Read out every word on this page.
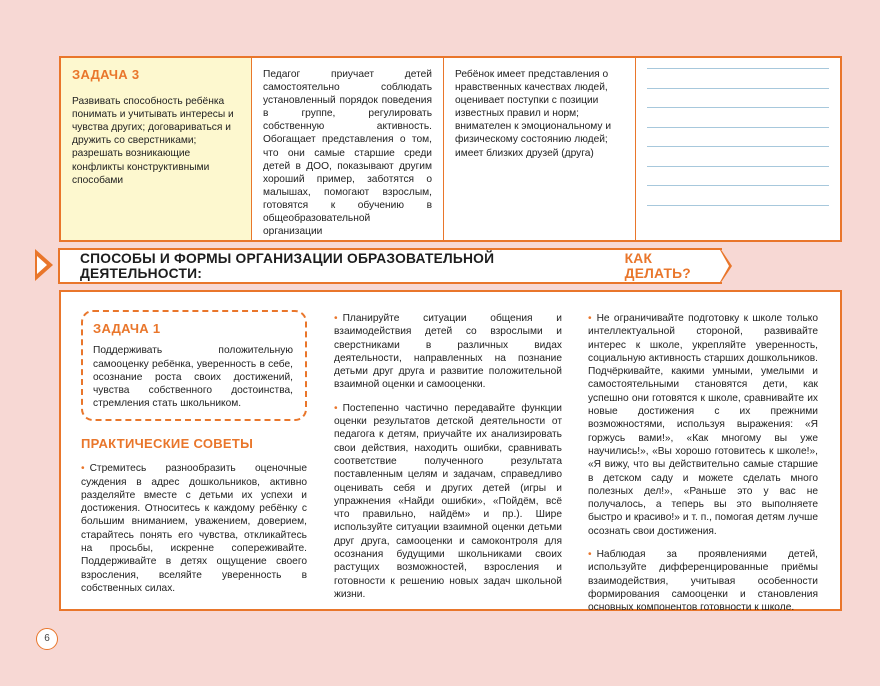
ЗАДАЧА 3
Развивать способность ребёнка понимать и учитывать интересы и чувства других; договариваться и дружить со сверстниками; разрешать возникающие конфликты конструктивными способами
Педагог приучает детей самостоятельно соблюдать установленный порядок поведения в группе, регулировать собственную активность. Обогащает представления о том, что они самые старшие среди детей в ДОО, показывают другим хороший пример, заботятся о малышах, помогают взрослым, готовятся к обучению в общеобразовательной организации
Ребёнок имеет представления о нравственных качествах людей, оценивает поступки с позиции известных правил и норм; внимателен к эмоциональному и физическому состоянию людей; имеет близких друзей (друга)
СПОСОБЫ И ФОРМЫ ОРГАНИЗАЦИИ ОБРАЗОВАТЕЛЬНОЙ ДЕЯТЕЛЬНОСТИ:
КАК ДЕЛАТЬ?
ЗАДАЧА 1
Поддерживать положительную самооценку ребёнка, уверенность в себе, осознание роста своих достижений, чувства собственного достоинства, стремления стать школьником.
ПРАКТИЧЕСКИЕ СОВЕТЫ
• Стремитесь разнообразить оценочные суждения в адрес дошкольников, активно разделяйте вместе с детьми их успехи и достижения. Относитесь к каждому ребёнку с большим вниманием, уважением, доверием, старайтесь понять его чувства, откликайтесь на просьбы, искренне сопереживайте. Поддерживайте в детях ощущение своего взросления, вселяйте уверенность в собственных силах.
• Планируйте ситуации общения и взаимодействия детей со взрослыми и сверстниками в различных видах деятельности, направленных на познание детьми друг друга и развитие положительной взаимной оценки и самооценки.
• Постепенно частично передавайте функции оценки результатов детской деятельности от педагога к детям, приучайте их анализировать свои действия, находить ошибки, сравнивать соответствие полученного результата поставленным целям и задачам, справедливо оценивать себя и других детей (игры и упражнения «Найди ошибки», «Пойдём, всё что правильно, найдём» и пр.). Шире используйте ситуации взаимной оценки детьми друг друга, самооценки и самоконтроля для осознания будущими школьниками своих растущих возможностей, взросления и готовности к решению новых задач школьной жизни.
• Не ограничивайте подготовку к школе только интеллектуальной стороной, развивайте интерес к школе, укрепляйте уверенность, социальную активность старших дошкольников. Подчёркивайте, какими умными, умелыми и самостоятельными становятся дети, как успешно они готовятся к школе, сравнивайте их новые достижения с их прежними возможностями, используя выражения: «Я горжусь вами!», «Как многому вы уже научились!», «Вы хорошо готовитесь к школе!», «Я вижу, что вы действительно самые старшие в детском саду и можете сделать много полезных дел!», «Раньше это у вас не получалось, а теперь вы это выполняете быстро и красиво!» и т. п., помогая детям лучше осознать свои достижения.
• Наблюдая за проявлениями детей, используйте дифференцированные приёмы взаимодействия, учитывая особенности формирования самооценки и становления основных компонентов готовности к школе.
6
